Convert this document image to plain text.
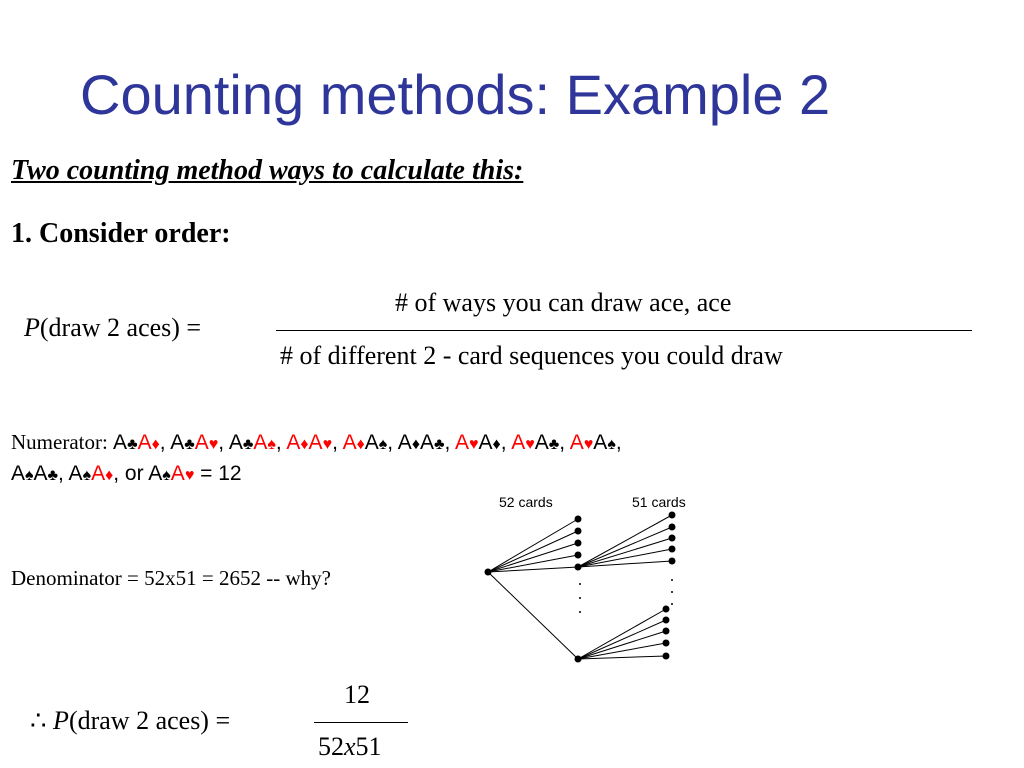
Counting methods: Example 2
Two counting method ways to calculate this:
1. Consider order:
P(draw 2 aces) =
# of ways you can draw ace, ace
# of different 2 - card sequences you could draw
Numerator: A♣A♦, A♣A♥, A♣A♠, A♦A♥, A♦A♠, A♦A♣, A♥A♦, A♥A♣, A♥A♠,
A♠A♣, A♠A♦, or A♠A♥ = 12
Denominator = 52x51 = 2652 -- why?
52 cards	51 cards
∴ P(draw 2 aces) =
12
52x51
